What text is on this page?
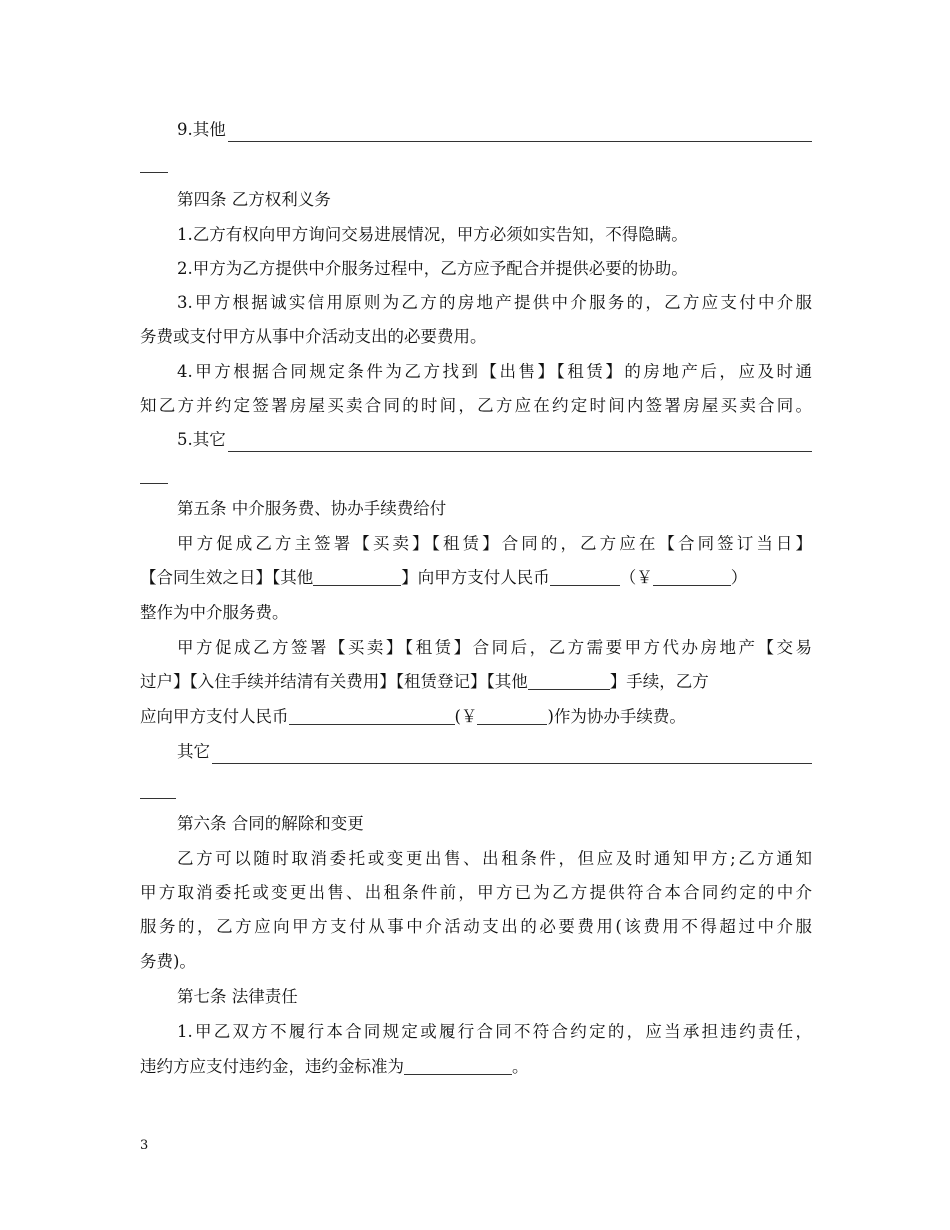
9.其他
第四条 乙方权利义务
1.乙方有权向甲方询问交易进展情况，甲方必须如实告知，不得隐瞒。
2.甲方为乙方提供中介服务过程中，乙方应予配合并提供必要的协助。
3.甲方根据诚实信用原则为乙方的房地产提供中介服务的，乙方应支付中介服
务费或支付甲方从事中介活动支出的必要费用。
4.甲方根据合同规定条件为乙方找到【出售】【租赁】的房地产后，应及时通
知乙方并约定签署房屋买卖合同的时间，乙方应在约定时间内签署房屋买卖合同。
5.其它
第五条 中介服务费、协办手续费给付
甲方促成乙方主签署【买卖】【租赁】合同的，乙方应在【合同签订当日】
【合同生效之日】【其他	】向甲方支付人民币	（￥	）
整作为中介服务费。
甲方促成乙方签署【买卖】【租赁】合同后，乙方需要甲方代办房地产【交易
过户】【入住手续并结清有关费用】【租赁登记】【其他	】手续，乙方
应向甲方支付人民币	(￥	)作为协办手续费。
其它
第六条 合同的解除和变更
乙方可以随时取消委托或变更出售、出租条件，但应及时通知甲方;乙方通知
甲方取消委托或变更出售、出租条件前，甲方已为乙方提供符合本合同约定的中介
服务的，乙方应向甲方支付从事中介活动支出的必要费用(该费用不得超过中介服
务费)。
第七条 法律责任
1.甲乙双方不履行本合同规定或履行合同不符合约定的，应当承担违约责任，
违约方应支付违约金，违约金标准为	。
3
